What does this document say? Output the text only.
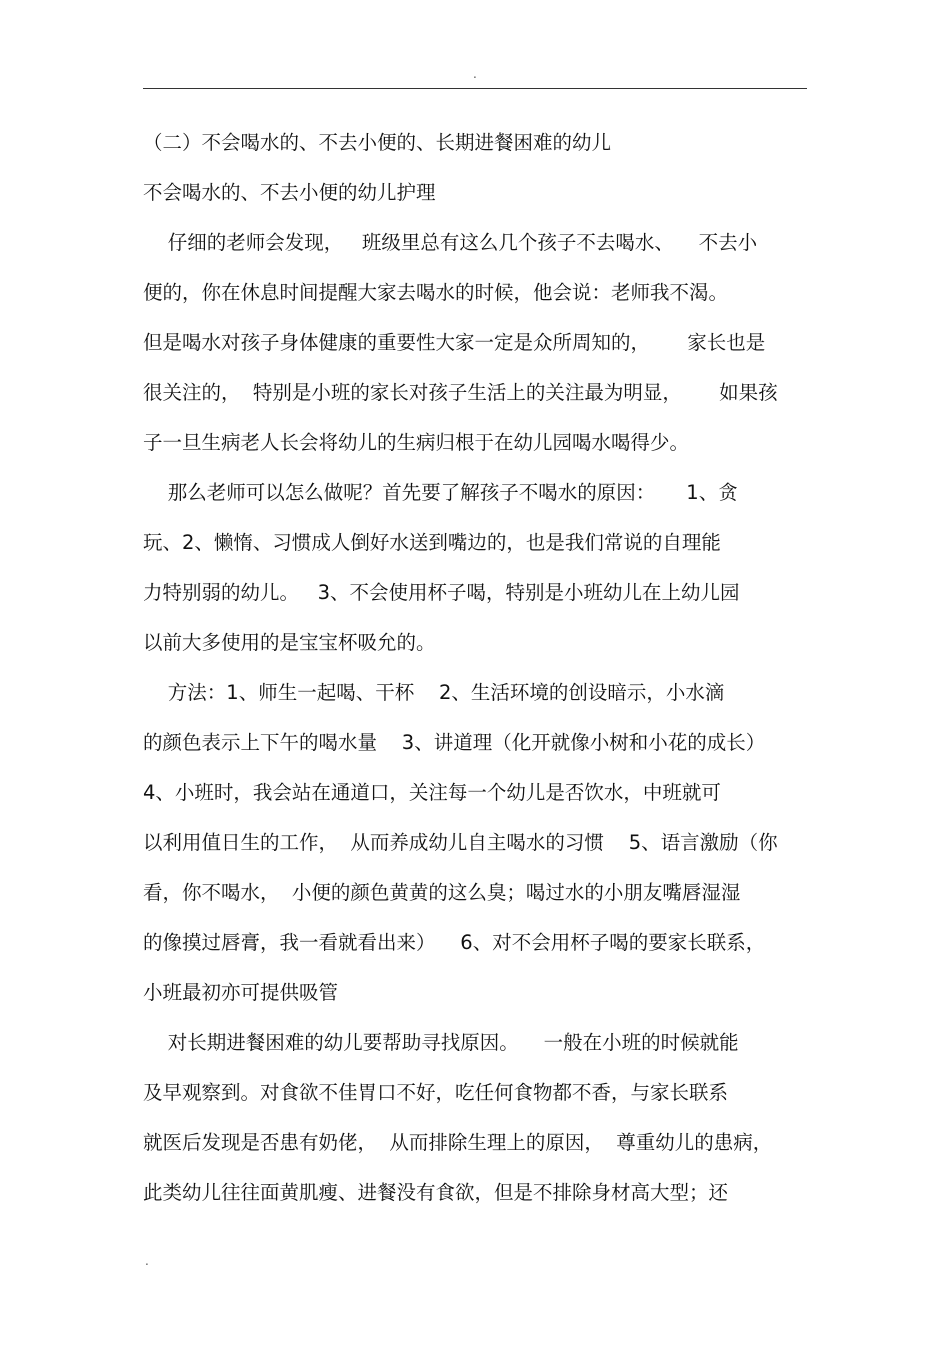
.
（二）不会喝水的、不去小便的、长期进餐困难的幼儿
不会喝水的、不去小便的幼儿护理
仔细的老师会发现，   班级里总有这么几个孩子不去喝水、    不去小
便的，你在休息时间提醒大家去喝水的时候，他会说：老师我不渴。
但是喝水对孩子身体健康的重要性大家一定是众所周知的，      家长也是
很关注的，  特别是小班的家长对孩子生活上的关注最为明显，      如果孩
子一旦生病老人长会将幼儿的生病归根于在幼儿园喝水喝得少。
那么老师可以怎么做呢？首先要了解孩子不喝水的原因：     1、贪
玩、2、懒惰、习惯成人倒好水送到嘴边的，也是我们常说的自理能
力特别弱的幼儿。   3、不会使用杯子喝，特别是小班幼儿在上幼儿园
以前大多使用的是宝宝杯吸允的。
方法：1、师生一起喝、干杯    2、生活环境的创设暗示，小水滴
的颜色表示上下午的喝水量    3、讲道理（化开就像小树和小花的成长）
4、小班时，我会站在通道口，关注每一个幼儿是否饮水，中班就可
以利用值日生的工作，  从而养成幼儿自主喝水的习惯    5、语言激励（你
看，你不喝水，  小便的颜色黄黄的这么臭；喝过水的小朋友嘴唇湿湿
的像摸过唇膏，我一看就看出来）    6、对不会用杯子喝的要家长联系，
小班最初亦可提供吸管
对长期进餐困难的幼儿要帮助寻找原因。    一般在小班的时候就能
及早观察到。对食欲不佳胃口不好，吃任何食物都不香，与家长联系
就医后发现是否患有奶佬，  从而排除生理上的原因，  尊重幼儿的患病，
此类幼儿往往面黄肌瘦、进餐没有食欲，但是不排除身材高大型；还
.
